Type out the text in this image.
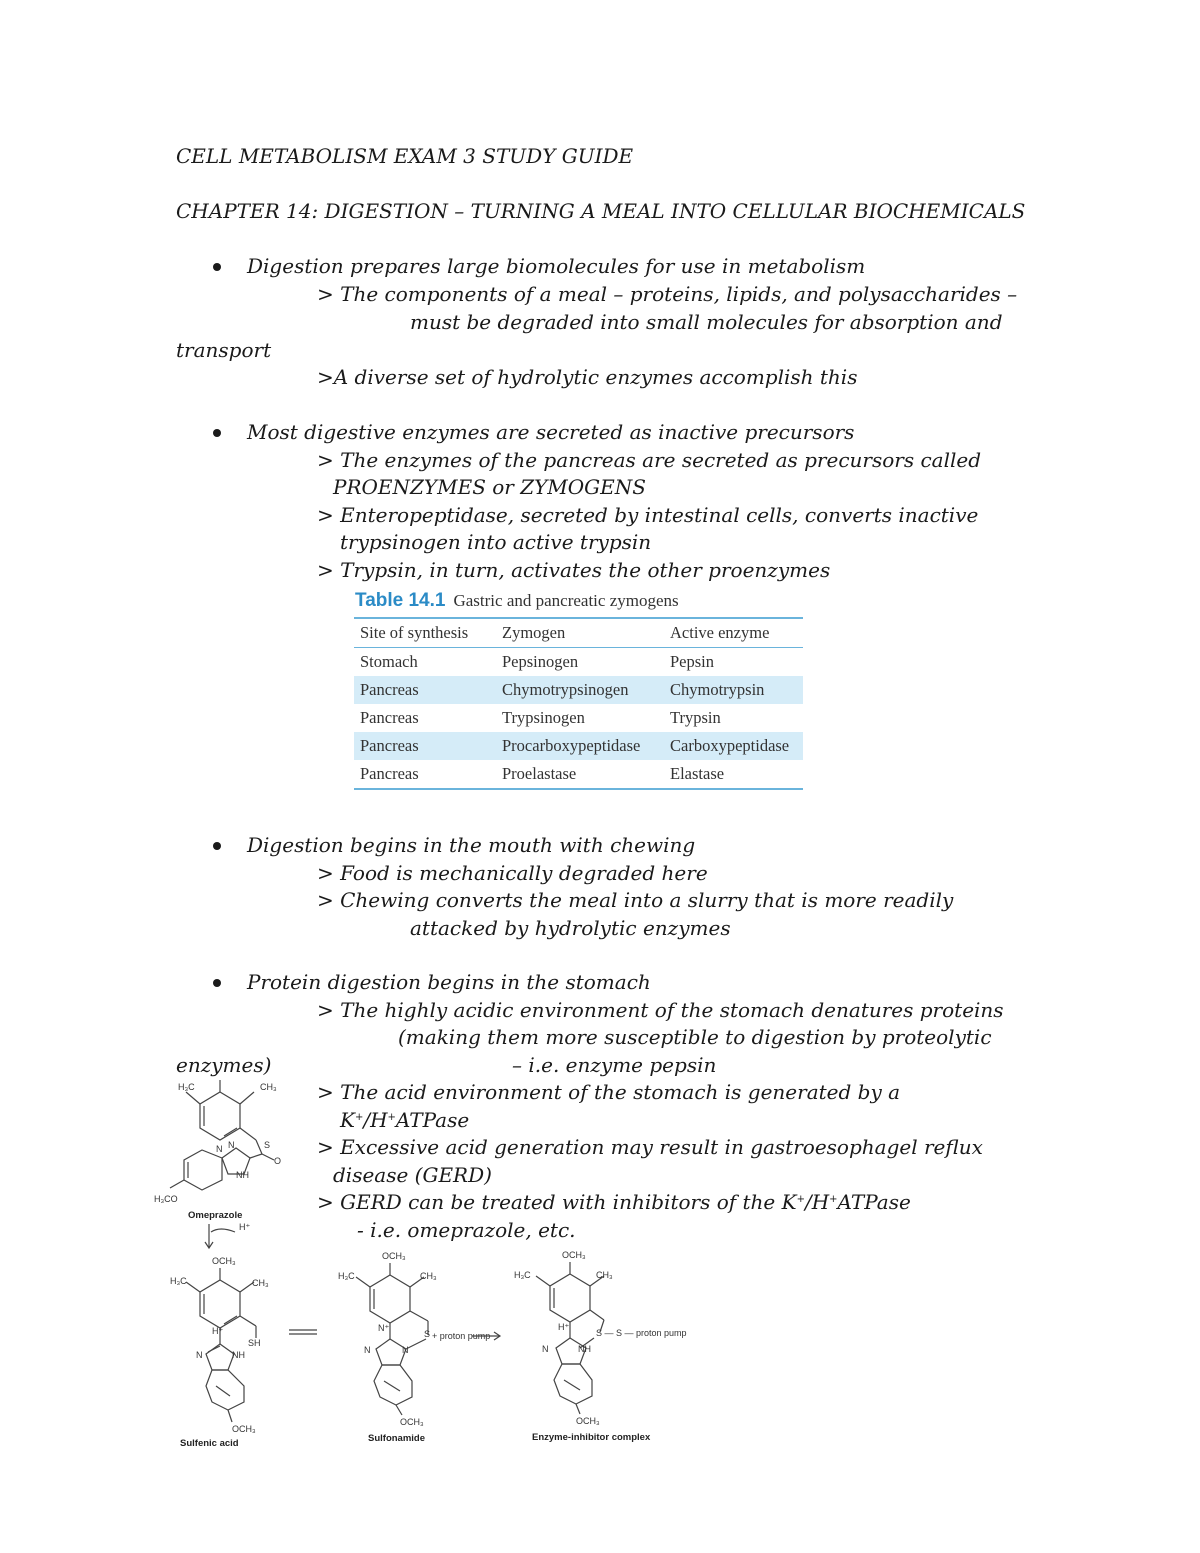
CELL METABOLISM EXAM 3 STUDY GUIDE
CHAPTER 14: DIGESTION – TURNING A MEAL INTO CELLULAR BIOCHEMICALS
Digestion prepares large biomolecules for use in metabolism
> The components of a meal – proteins, lipids, and polysaccharides –
must be degraded into small molecules for absorption and
transport
>A diverse set of hydrolytic enzymes accomplish this
Most digestive enzymes are secreted as inactive precursors
> The enzymes of the pancreas are secreted as precursors called
PROENZYMES or ZYMOGENS
> Enteropeptidase, secreted by intestinal cells, converts inactive
trypsinogen into active trypsin
> Trypsin, in turn, activates the other proenzymes
Table 14.1 Gastric and pancreatic zymogens
Site of synthesis	Zymogen	Active enzyme
Stomach	Pepsinogen	Pepsin
Pancreas	Chymotrypsinogen	Chymotrypsin
Pancreas	Trypsinogen	Trypsin
Pancreas	Procarboxypeptidase	Carboxypeptidase
Pancreas	Proelastase	Elastase
Digestion begins in the mouth with chewing
> Food is mechanically degraded here
> Chewing converts the meal into a slurry that is more readily
attacked by hydrolytic enzymes
Protein digestion begins in the stomach
> The highly acidic environment of the stomach denatures proteins
(making them more susceptible to digestion by proteolytic
enzymes)	– i.e. enzyme pepsin
> The acid environment of the stomach is generated by a
K+/H+ATPase
> Excessive acid generation may result in gastroesophagel reflux
disease (GERD)
> GERD can be treated with inhibitors of the K+/H+ATPase
- i.e. omeprazole, etc.
H₃C	CH₃
N N	S
O
NH
H₃CO
Omeprazole
H⁺
OCH₃
H₃C	CH₃
H⁺
SH
N	NH
OCH₃
Sulfenic acid
OCH₃
H₃C	CH₃
N⁺
S
N	N
+ proton pump
OCH₃
Sulfonamide
OCH₃
H₃C	CH₃
H⁺
N	NH
S — S — proton pump
OCH₃
Enzyme-inhibitor complex
